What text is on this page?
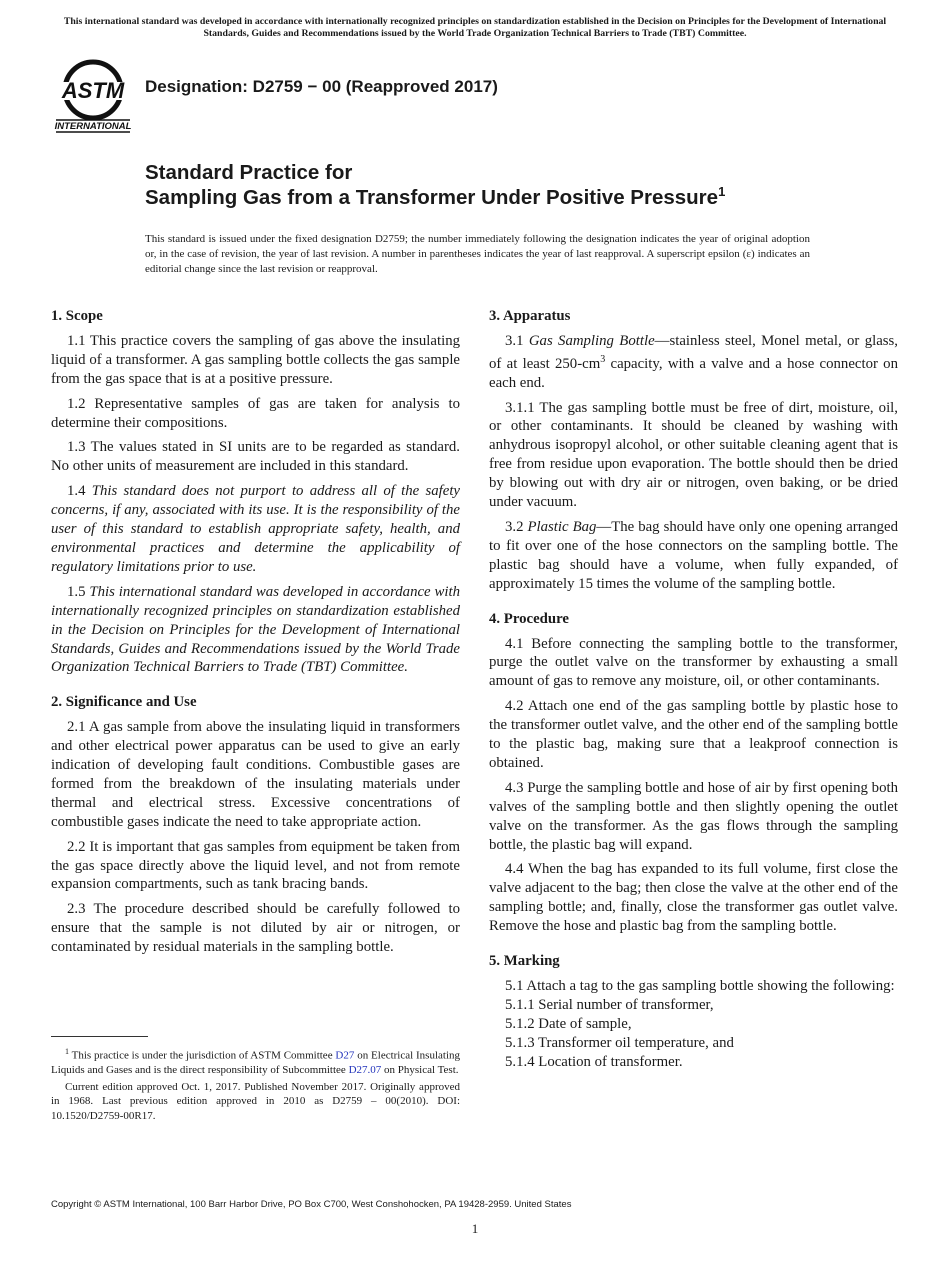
This international standard was developed in accordance with internationally recognized principles on standardization established in the Decision on Principles for the Development of International Standards, Guides and Recommendations issued by the World Trade Organization Technical Barriers to Trade (TBT) Committee.
ASTM
INTERNATIONAL
Designation: D2759 − 00 (Reapproved 2017)
Standard Practice for
Sampling Gas from a Transformer Under Positive Pressure$^1$
This standard is issued under the fixed designation D2759; the number immediately following the designation indicates the year of original adoption or, in the case of revision, the year of last revision. A number in parentheses indicates the year of last reapproval. A superscript epsilon (ε) indicates an editorial change since the last revision or reapproval.
1. Scope

1.1 This practice covers the sampling of gas above the insulating liquid of a transformer. A gas sampling bottle collects the gas sample from the gas space that is at a positive pressure.

1.2 Representative samples of gas are taken for analysis to determine their compositions.

1.3 The values stated in SI units are to be regarded as standard. No other units of measurement are included in this standard.

1.4 This standard does not purport to address all of the safety concerns, if any, associated with its use. It is the responsibility of the user of this standard to establish appropriate safety, health, and environmental practices and determine the applicability of regulatory limitations prior to use.

1.5 This international standard was developed in accordance with internationally recognized principles on standardization established in the Decision on Principles for the Development of International Standards, Guides and Recommendations issued by the World Trade Organization Technical Barriers to Trade (TBT) Committee.

2. Significance and Use

2.1 A gas sample from above the insulating liquid in transformers and other electrical power apparatus can be used to give an early indication of developing fault conditions. Combustible gases are formed from the breakdown of the insulating materials under thermal and electrical stress. Excessive concentrations of combustible gases indicate the need to take appropriate action.

2.2 It is important that gas samples from equipment be taken from the gas space directly above the liquid level, and not from remote expansion compartments, such as tank bracing bands.

2.3 The procedure described should be carefully followed to ensure that the sample is not diluted by air or nitrogen, or contaminated by residual materials in the sampling bottle.

$^1$ This practice is under the jurisdiction of ASTM Committee D27 on Electrical Insulating Liquids and Gases and is the direct responsibility of Subcommittee D27.07 on Physical Test.

Current edition approved Oct. 1, 2017. Published November 2017. Originally approved in 1968. Last previous edition approved in 2010 as D2759 – 00(2010). DOI: 10.1520/D2759-00R17.

3. Apparatus

3.1 Gas Sampling Bottle—stainless steel, Monel metal, or glass, of at least $250-cm^3$ capacity, with a valve and a hose connector on each end.

3.1.1 The gas sampling bottle must be free of dirt, moisture, oil, or other contaminants. It should be cleaned by washing with anhydrous isopropyl alcohol, or other suitable cleaning agent that is free from residue upon evaporation. The bottle should then be dried by blowing out with dry air or nitrogen, oven baking, or be dried under vacuum.

3.2 Plastic Bag—The bag should have only one opening arranged to fit over one of the hose connectors on the sampling bottle. The plastic bag should have a volume, when fully expanded, of approximately 15 times the volume of the sampling bottle.

4. Procedure

4.1 Before connecting the sampling bottle to the transformer, purge the outlet valve on the transformer by exhausting a small amount of gas to remove any moisture, oil, or other contaminants.

4.2 Attach one end of the gas sampling bottle by plastic hose to the transformer outlet valve, and the other end of the sampling bottle to the plastic bag, making sure that a leakproof connection is obtained.

4.3 Purge the sampling bottle and hose of air by first opening both valves of the sampling bottle and then slightly opening the outlet valve on the transformer. As the gas flows through the sampling bottle, the plastic bag will expand.

4.4 When the bag has expanded to its full volume, first close the valve adjacent to the bag; then close the valve at the other end of the sampling bottle; and, finally, close the transformer gas outlet valve. Remove the hose and plastic bag from the sampling bottle.

5. Marking

5.1 Attach a tag to the gas sampling bottle showing the following:

5.1.1 Serial number of transformer,

5.1.2 Date of sample,

5.1.3 Transformer oil temperature, and

5.1.4 Location of transformer.

Copyright © ASTM International, 100 Barr Harbor Drive, PO Box C700, West Conshohocken, PA 19428-2959. United States
1
